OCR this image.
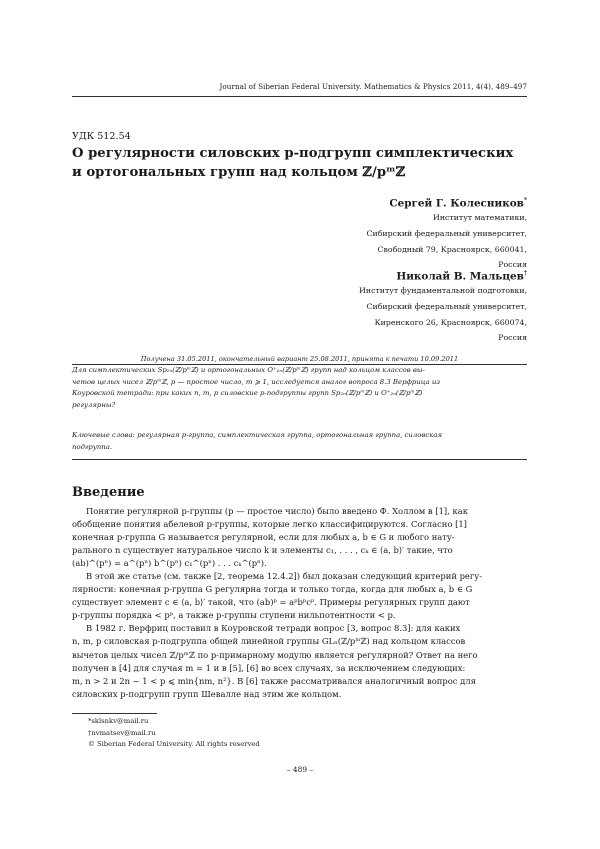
Journal of Siberian Federal University. Mathematics & Physics 2011, 4(4), 489–497
УДК 512.54
О регулярности силовских p-подгрупп симплектических
и ортогональных групп над кольцом ℤ/pᵐℤ
Сергей Г. Колесников*
Институт математики,
Сибирский федеральный университет,
Свободный 79, Красноярск, 660041,
Россия
Николай В. Мальцев†
Институт фундаментальной подготовки,
Сибирский федеральный университет,
Киренского 26, Красноярск, 660074,
Россия
Получена 31.05.2011, окончательный вариант 25.08.2011, принята к печати 10.09.2011
Для симплектических Sp₂ₙ(ℤ/pᵐℤ) и ортогональных O⁺₂ₙ(ℤ/pᵐℤ) групп над кольцом классов вы-
четов целых чисел ℤ/pᵐℤ, p — простое число, m ⩾ 1, исследуется аналог вопроса 8.3 Верфрица из
Коуровской тетради: при каких n, m, p силовские p-подгруппы групп Sp₂ₙ(ℤ/pᵐℤ) и O⁺₂ₙ(ℤ/pᵐℤ)
регулярны?
Ключевые слова: регулярная p-группа, симплектическая группа, ортогональная группа, силовская
подгруппа.
Введение

Понятие регулярной p-группы (p — простое число) было введено Ф. Холлом в [1], как
обобщение понятия абелевой p-группы, которые легко классифицируются. Согласно [1]
конечная p-группа G называется регулярной, если для любых a, b ∈ G и любого нату-
рального n существует натуральное число k и элементы c₁, . . . , cₖ ∈ ⟨a, b⟩′ такие, что
(ab)^(pⁿ) = a^(pⁿ) b^(pⁿ) c₁^(pⁿ) . . . cₖ^(pⁿ).

В этой же статье (см. также [2, теорема 12.4.2]) был доказан следующий критерий регу-
лярности: конечная p-группа G регулярна тогда и только тогда, когда для любых a, b ∈ G
существует элемент c ∈ ⟨a, b⟩′ такой, что (ab)ᵖ = aᵖbᵖcᵖ. Примеры регулярных групп дают
p-группы порядка < pᵖ, а также p-группы ступени нильпотентности < p.

В 1982 г. Верфриц поставил в Коуровской тетради вопрос [3, вопрос 8.3]: для каких
n, m, p силовская p-подгруппа общей линейной группы GLₙ(ℤ/pᵐℤ) над кольцом классов
вычетов целых чисел ℤ/pᵐℤ по p-примарному модулю является регулярной? Ответ на него
получен в [4] для случая m = 1 и в [5], [6] во всех случаях, за исключением следующих:
m, n > 2 и 2n − 1 < p ⩽ min{nm, n²}. В [6] также рассматривался аналогичный вопрос для
силовских p-подгрупп групп Шевалле над этим же кольцом.

*sklsnkv@mail.ru
†nvmatsev@mail.ru
© Siberian Federal University. All rights reserved
– 489 –
